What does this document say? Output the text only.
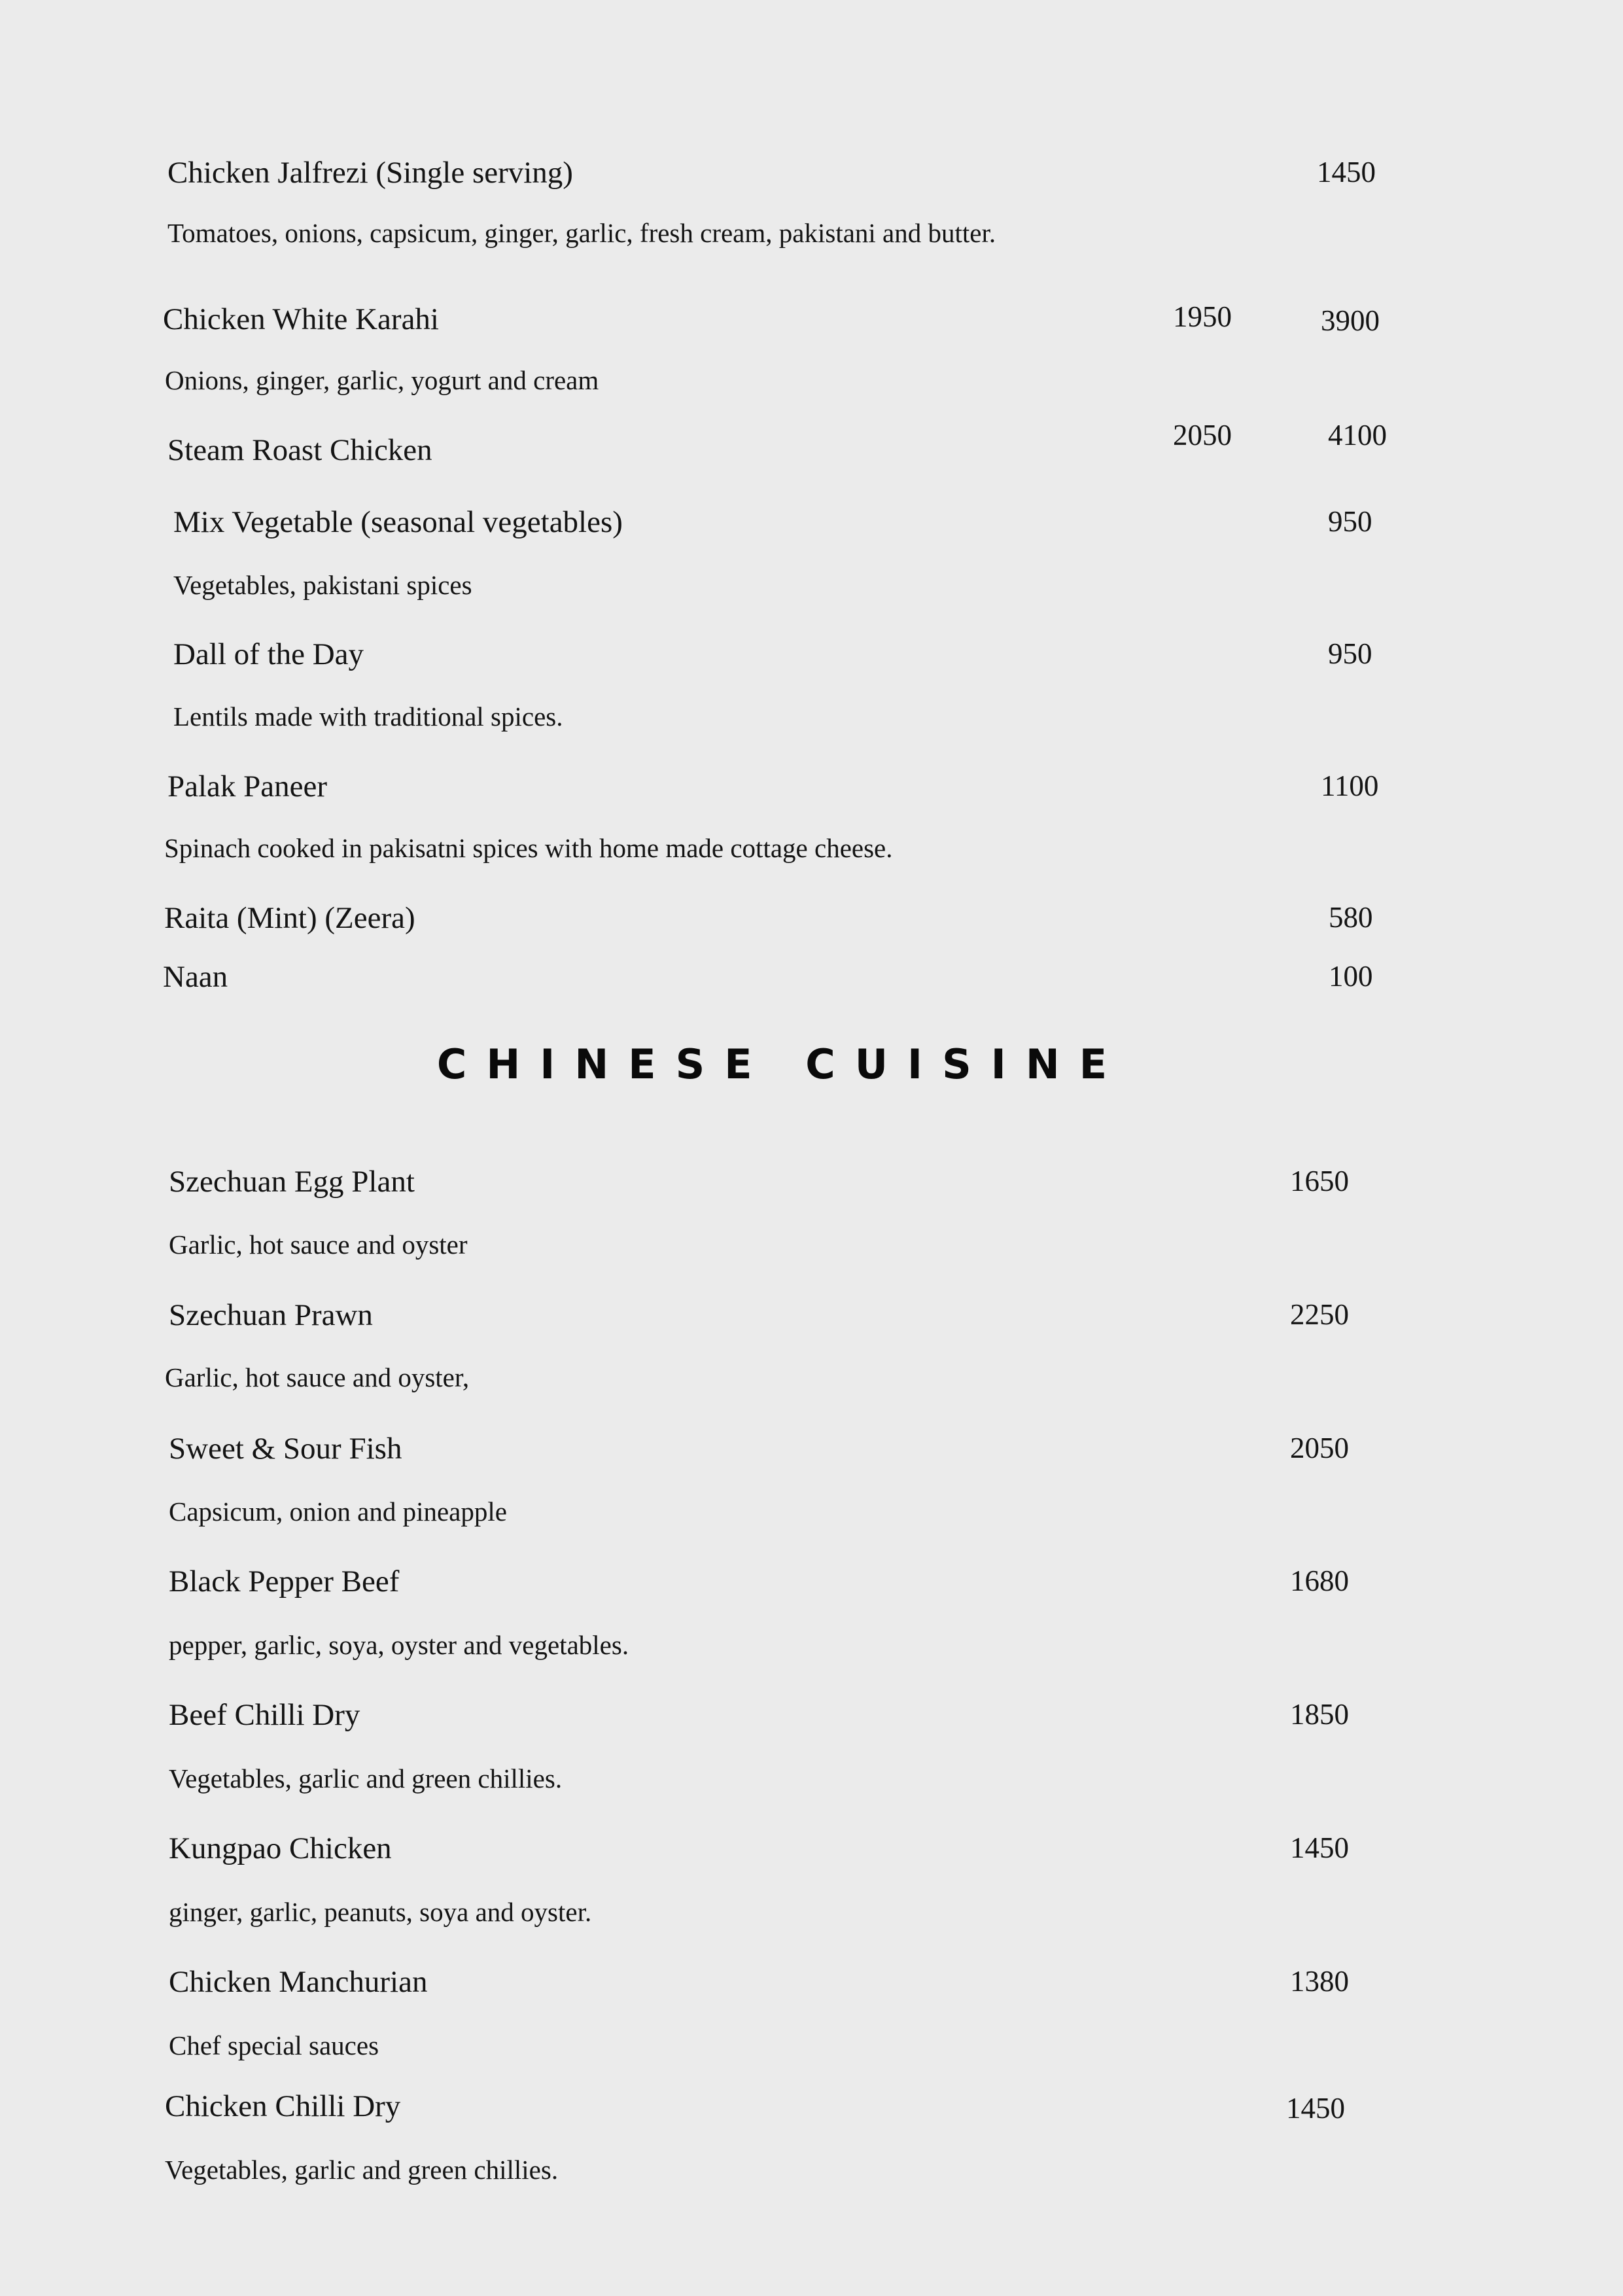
Chicken Jalfrezi (Single serving)	1450
Tomatoes, onions, capsicum, ginger, garlic, fresh cream, pakistani and butter.
Chicken White Karahi	1950	3900
Onions, ginger, garlic, yogurt and cream
Steam Roast Chicken	2050	4100
Mix Vegetable (seasonal vegetables)	950
Vegetables, pakistani spices
Dall of the Day	950
Lentils made with traditional spices.
Palak Paneer	1100
Spinach cooked in pakisatni spices with home made cottage cheese.
Raita (Mint) (Zeera)	580
Naan	100
CHINESE CUISINE
Szechuan Egg Plant	1650
Garlic, hot sauce and oyster
Szechuan Prawn	2250
Garlic, hot sauce and oyster,
Sweet & Sour Fish	2050
Capsicum, onion and pineapple
Black Pepper Beef	1680
pepper, garlic, soya, oyster and vegetables.
Beef Chilli Dry	1850
Vegetables, garlic and green chillies.
Kungpao Chicken	1450
ginger, garlic, peanuts, soya and oyster.
Chicken Manchurian	1380
Chef special sauces
Chicken Chilli Dry	1450
Vegetables, garlic and green chillies.
